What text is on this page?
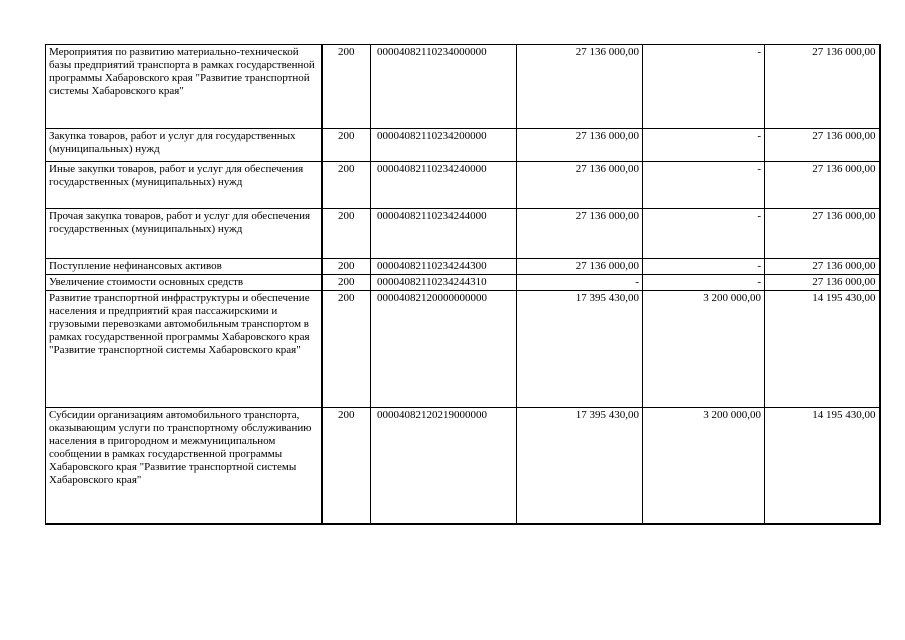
Мероприятия по развитию материально-технической базы предприятий транспорта в рамках государственной программы Хабаровского края "Развитие транспортной системы Хабаровского края"	200	00004082110234000000	27 136 000,00	-	27 136 000,00
Закупка товаров, работ и услуг для государственных (муниципальных) нужд	200	00004082110234200000	27 136 000,00	-	27 136 000,00
Иные закупки товаров, работ и услуг для обеспечения государственных (муниципальных) нужд	200	00004082110234240000	27 136 000,00	-	27 136 000,00
Прочая закупка товаров, работ и услуг для обеспечения государственных (муниципальных) нужд	200	00004082110234244000	27 136 000,00	-	27 136 000,00
Поступление нефинансовых активов	200	00004082110234244300	27 136 000,00	-	27 136 000,00
Увеличение стоимости основных средств	200	00004082110234244310	-	-	27 136 000,00
Развитие транспортной инфраструктуры и обеспечение населения и предприятий края пассажирскими и грузовыми перевозками автомобильным транспортом в рамках государственной программы Хабаровского края "Развитие транспортной системы Хабаровского края"	200	00004082120000000000	17 395 430,00	3 200 000,00	14 195 430,00
Субсидии организациям автомобильного транспорта, оказывающим услуги по транспортному обслуживанию населения в пригородном и межмуниципальном сообщении в рамках государственной программы Хабаровского края "Развитие транспортной системы Хабаровского края"	200	00004082120219000000	17 395 430,00	3 200 000,00	14 195 430,00
